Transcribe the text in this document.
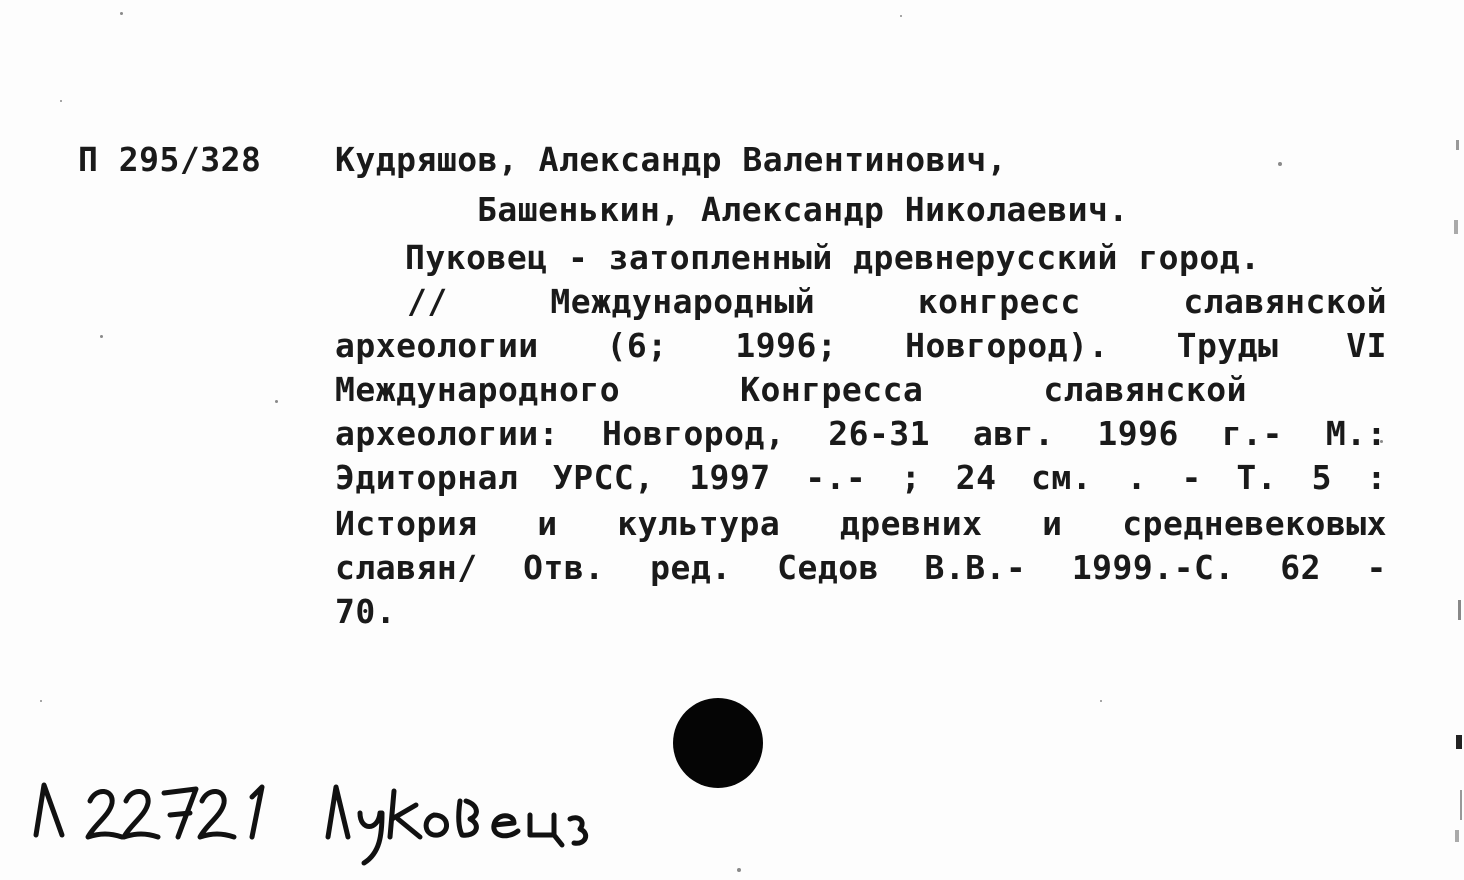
П 295/328 Кудряшов, Александр Валентинович,
Башенькин, Александр Николаевич.
Пуковец - затопленный древнерусский город.
//	Международный	конгресс	славянской
археологии (6; 1996; Новгород). Труды VI
Международного	Конгресса	славянской
археологии: Новгород, 26-31 авг. 1996 г.- М.:
Эдиторнал УРСС, 1997 -.- ; 24 см. . - Т. 5 :
История и культура древних и средневековых
славян/ Отв. ред. Седов В.В.- 1999.-С. 62 -
70.
Л 22721 Луковец
